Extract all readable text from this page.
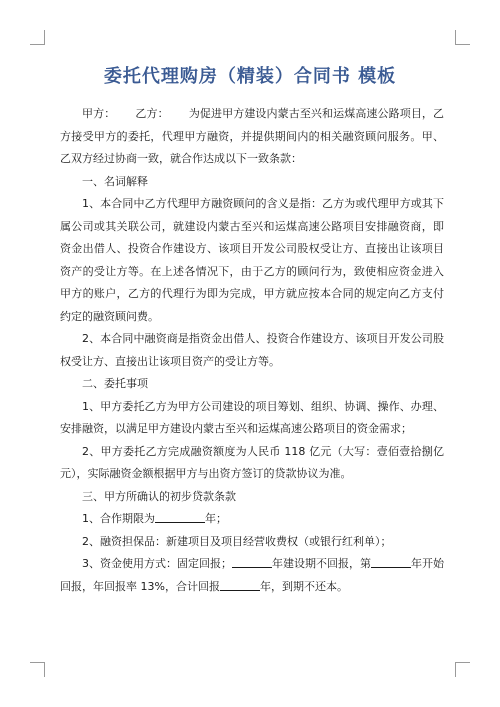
委托代理购房（精装）合同书 模板

甲方： 乙方： 为促进甲方建设内蒙古至兴和运煤高速公路项目，乙方接受甲方的委托，代理甲方融资，并提供期间内的相关融资顾问服务。甲、乙双方经过协商一致，就合作达成以下一致条款：

一、名词解释

1、本合同中乙方代理甲方融资顾问的含义是指：乙方为或代理甲方或其下属公司或其关联公司，就建设内蒙古至兴和运煤高速公路项目安排融资商，即资金出借人、投资合作建设方、该项目开发公司股权受让方、直接出让该项目资产的受让方等。在上述各情况下，由于乙方的顾问行为，致使相应资金进入甲方的账户，乙方的代理行为即为完成，甲方就应按本合同的规定向乙方支付约定的融资顾问费。

2、本合同中融资商是指资金出借人、投资合作建设方、该项目开发公司股权受让方、直接出让该项目资产的受让方等。

二、委托事项

1、甲方委托乙方为甲方公司建设的项目筹划、组织、协调、操作、办理、安排融资，以满足甲方建设内蒙古至兴和运煤高速公路项目的资金需求；

2、甲方委托乙方完成融资额度为人民币 118 亿元（大写：壹佰壹拾捌亿元），实际融资金额根据甲方与出资方签订的贷款协议为准。

三、甲方所确认的初步贷款条款

1、合作期限为	年；

2、融资担保品：新建项目及项目经营收费权（或银行红利单）；

3、资金使用方式：固定回报；	年建设期不回报，第	年开始回报，年回报率 13%，合计回报	年，到期不还本。
